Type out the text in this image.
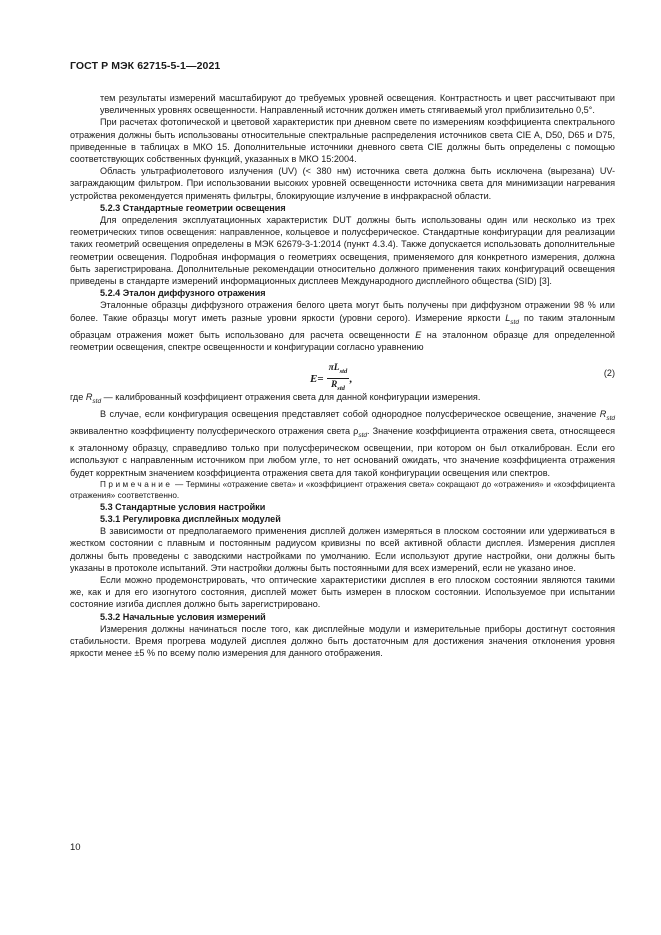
ГОСТ Р МЭК 62715-5-1—2021

тем результаты измерений масштабируют до требуемых уровней освещения. Контрастность и цвет рассчитывают при увеличенных уровнях освещенности. Направленный источник должен иметь стягиваемый угол приблизительно 0,5°.

При расчетах фотопической и цветовой характеристик при дневном свете по измерениям коэффициента спектрального отражения должны быть использованы относительные спектральные распределения источников света CIE A, D50, D65 и D75, приведенные в таблицах в МКО 15. Дополнительные источники дневного света CIE должны быть определены с помощью соответствующих собственных функций, указанных в МКО 15:2004.

Область ультрафиолетового излучения (UV) (< 380 нм) источника света должна быть исключена (вырезана) UV-заграждающим фильтром. При использовании высоких уровней освещенности источника света для минимизации нагревания устройства рекомендуется применять фильтры, блокирующие излучение в инфракрасной области.

5.2.3 Стандартные геометрии освещения

Для определения эксплуатационных характеристик DUT должны быть использованы один или несколько из трех геометрических типов освещения: направленное, кольцевое и полусферическое. Стандартные конфигурации для реализации таких геометрий освещения определены в МЭК 62679-3-1:2014 (пункт 4.3.4). Также допускается использовать дополнительные геометрии освещения. Подробная информация о геометриях освещения, применяемого для конкретного измерения, должна быть зарегистрирована. Дополнительные рекомендации относительно должного применения таких конфигураций освещения приведены в стандарте измерений информационных дисплеев Международного дисплейного общества (SID) [3].

5.2.4 Эталон диффузного отражения

Эталонные образцы диффузного отражения белого цвета могут быть получены при диффузном отражении 98 % или более. Такие образцы могут иметь разные уровни яркости (уровни серого). Измерение яркости $L_{std}$ по таким эталонным образцам отражения может быть использовано для расчета освещенности E на эталонном образце для определенной геометрии освещения, спектре освещенности и конфигурации согласно уравнению

$E = \frac{\pi L_{std}}{R_{std}}$ ,	(2)

где $R_{std}$ — калиброванный коэффициент отражения света для данной конфигурации измерения.

В случае, если конфигурация освещения представляет собой однородное полусферическое освещение, значение $R_{std}$ эквивалентно коэффициенту полусферического отражения света $\rho_{std}$. Значение коэффициента отражения света, относящееся к эталонному образцу, справедливо только при полусферическом освещении, при котором он был откалиброван. Если его используют с направленным источником при любом угле, то нет оснований ожидать, что значение коэффициента отражения будет корректным значением коэффициента отражения света для такой конфигурации освещения или спектров.

Примечание — Термины «отражение света» и «коэффициент отражения света» сокращают до «отражения» и «коэффициента отражения» соответственно.

5.3 Стандартные условия настройки

5.3.1 Регулировка дисплейных модулей

В зависимости от предполагаемого применения дисплей должен измеряться в плоском состоянии или удерживаться в жестком состоянии с плавным и постоянным радиусом кривизны по всей активной области дисплея. Измерения дисплея должны быть проведены с заводскими настройками по умолчанию. Если используют другие настройки, они должны быть указаны в протоколе испытаний. Эти настройки должны быть постоянными для всех измерений, если не указано иное.

Если можно продемонстрировать, что оптические характеристики дисплея в его плоском состоянии являются такими же, как и для его изогнутого состояния, дисплей может быть измерен в плоском состоянии. Используемое при испытании состояние изгиба дисплея должно быть зарегистрировано.

5.3.2 Начальные условия измерений

Измерения должны начинаться после того, как дисплейные модули и измерительные приборы достигнут состояния стабильности. Время прогрева модулей дисплея должно быть достаточным для достижения значения отклонения уровня яркости менее ±5 % по всему полю измерения для данного отображения.

10
